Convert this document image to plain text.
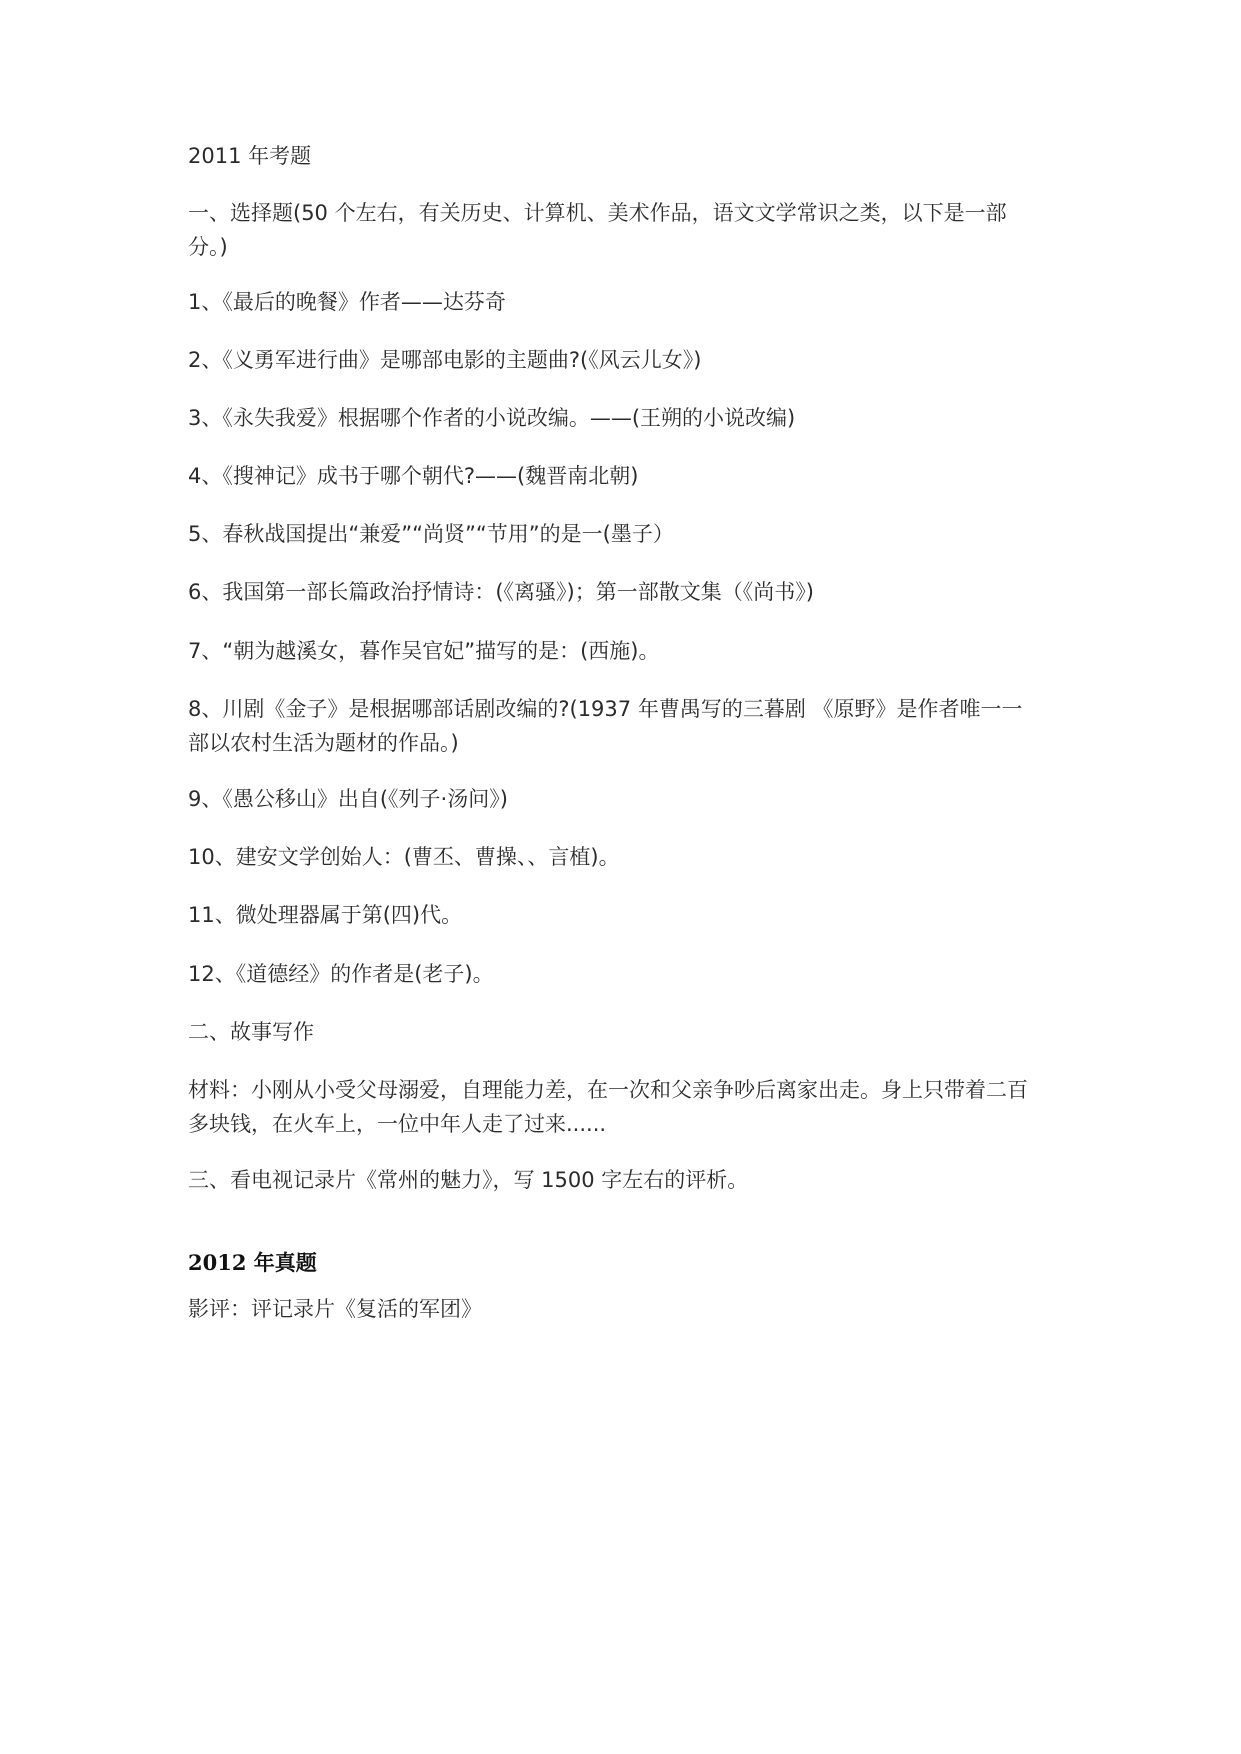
2011 年考题
一、选择题(50 个左右，有关历史、计算机、美术作品，语文文学常识之类，以下是一部
分。)
1、《最后的晚餐》作者——达芬奇
2、《义勇军进行曲》是哪部电影的主题曲?(《风云儿女》)
3、《永失我爱》根据哪个作者的小说改编。——(王朔的小说改编)
4、《搜神记》成书于哪个朝代?——(魏晋南北朝)
5、春秋战国提出“兼爱”“尚贤”“节用”的是一(墨子）
6、我国第一部长篇政治抒情诗：(《离骚》)；第一部散文集（《尚书》)
7、“朝为越溪女，暮作吴官妃”描写的是：(西施)。
8、川剧《金子》是根据哪部话剧改编的?(1937 年曹禺写的三暮剧 《原野》是作者唯一一
部以农村生活为题材的作品。)
9、《愚公移山》出自(《列子·汤问》)
10、建安文学创始人：(曹丕、曹操、、言植)。
11、微处理器属于第(四)代。
12、《道德经》的作者是(老子)。
二、故事写作
材料：小刚从小受父母溺爱，自理能力差，在一次和父亲争吵后离家出走。身上只带着二百
多块钱，在火车上，一位中年人走了过来......
三、看电视记录片《常州的魅力》，写 1500 字左右的评析。
2012 年真题
影评：评记录片《复活的军团》
